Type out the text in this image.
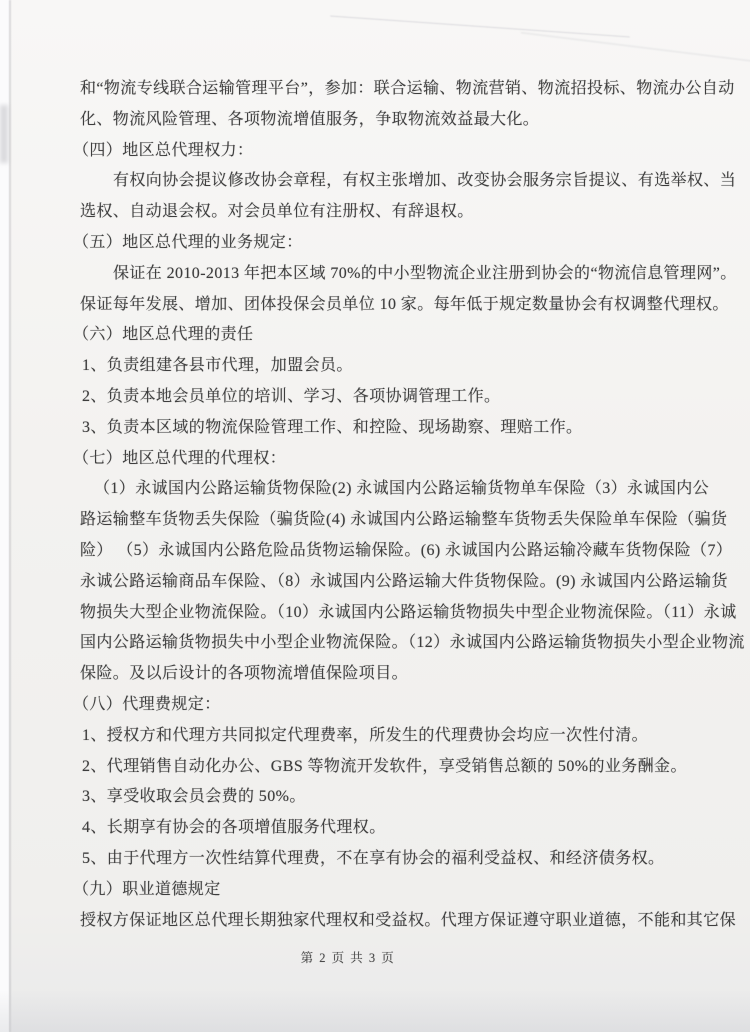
和“物流专线联合运输管理平台”，参加：联合运输、物流营销、物流招投标、物流办公自动
化、物流风险管理、各项物流增值服务，争取物流效益最大化。
（四）地区总代理权力：
有权向协会提议修改协会章程，有权主张增加、改变协会服务宗旨提议、有选举权、当
选权、自动退会权。对会员单位有注册权、有辞退权。
（五）地区总代理的业务规定：
保证在 2010-2013 年把本区域 70%的中小型物流企业注册到协会的“物流信息管理网”。
保证每年发展、增加、团体投保会员单位 10 家。每年低于规定数量协会有权调整代理权。
（六）地区总代理的责任
1、负责组建各县市代理，加盟会员。
2、负责本地会员单位的培训、学习、各项协调管理工作。
3、负责本区域的物流保险管理工作、和控险、现场勘察、理赔工作。
（七）地区总代理的代理权：
（1）永诚国内公路运输货物保险(2) 永诚国内公路运输货物单车保险（3）永诚国内公
路运输整车货物丢失保险（骗货险(4) 永诚国内公路运输整车货物丢失保险单车保险（骗货
险） （5）永诚国内公路危险品货物运输保险。(6) 永诚国内公路运输冷藏车货物保险（7）
永诚公路运输商品车保险、（8）永诚国内公路运输大件货物保险。(9) 永诚国内公路运输货
物损失大型企业物流保险。（10）永诚国内公路运输货物损失中型企业物流保险。（11）永诚
国内公路运输货物损失中小型企业物流保险。（12）永诚国内公路运输货物损失小型企业物流
保险。及以后设计的各项物流增值保险项目。
（八）代理费规定：
1、授权方和代理方共同拟定代理费率，所发生的代理费协会均应一次性付清。
2、代理销售自动化办公、GBS 等物流开发软件，享受销售总额的 50%的业务酬金。
3、享受收取会员会费的 50%。
4、长期享有协会的各项增值服务代理权。
5、由于代理方一次性结算代理费，不在享有协会的福利受益权、和经济债务权。
（九）职业道德规定
授权方保证地区总代理长期独家代理权和受益权。代理方保证遵守职业道德，不能和其它保
第 2 页 共 3 页
